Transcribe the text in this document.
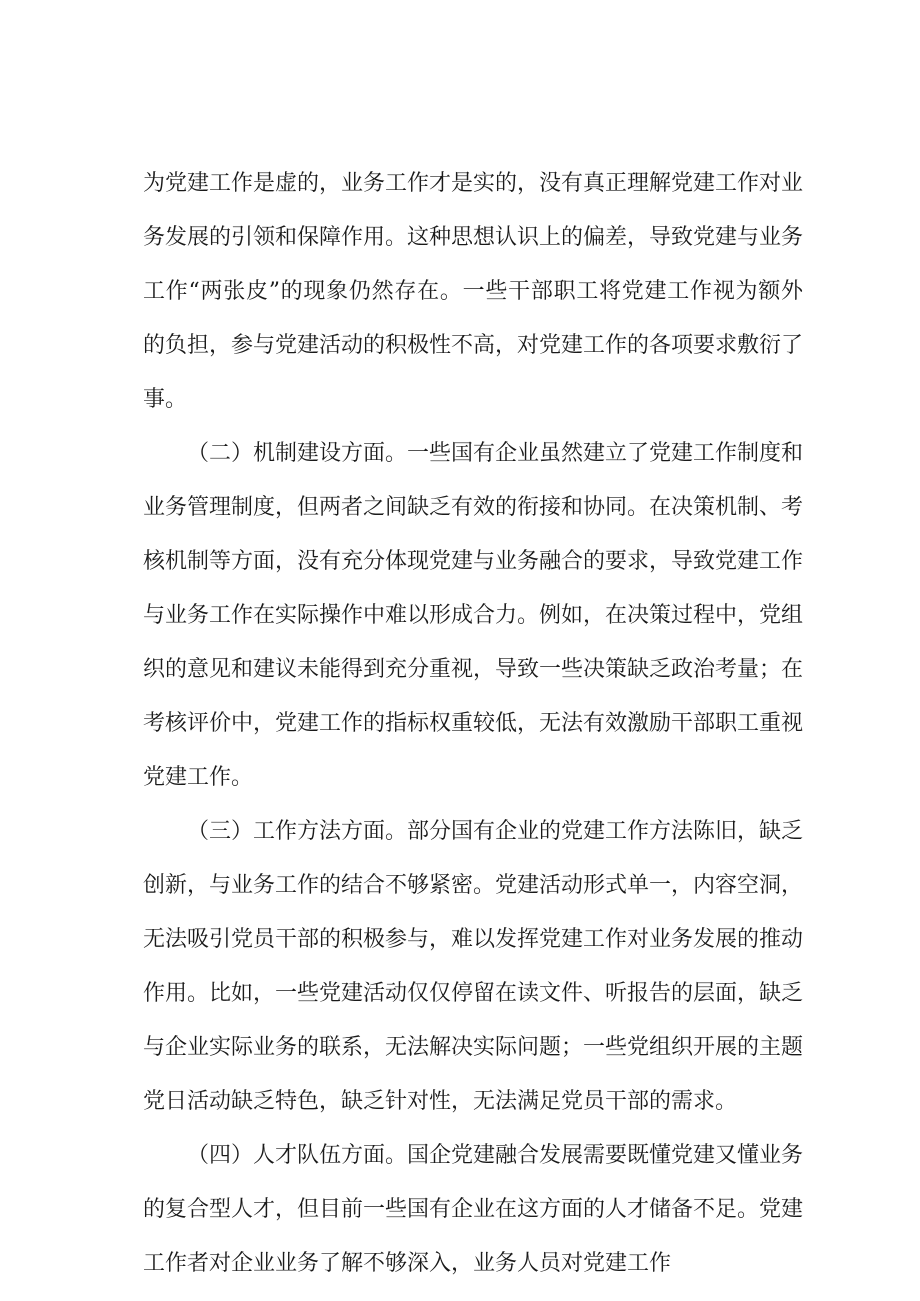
为党建工作是虚的，业务工作才是实的，没有真正理解党建工作对业务发展的引领和保障作用。这种思想认识上的偏差，导致党建与业务工作“两张皮”的现象仍然存在。一些干部职工将党建工作视为额外的负担，参与党建活动的积极性不高，对党建工作的各项要求敷衍了事。

（二）机制建设方面。一些国有企业虽然建立了党建工作制度和业务管理制度，但两者之间缺乏有效的衔接和协同。在决策机制、考核机制等方面，没有充分体现党建与业务融合的要求，导致党建工作与业务工作在实际操作中难以形成合力。例如，在决策过程中，党组织的意见和建议未能得到充分重视，导致一些决策缺乏政治考量；在考核评价中，党建工作的指标权重较低，无法有效激励干部职工重视党建工作。

（三）工作方法方面。部分国有企业的党建工作方法陈旧，缺乏创新，与业务工作的结合不够紧密。党建活动形式单一，内容空洞，无法吸引党员干部的积极参与，难以发挥党建工作对业务发展的推动作用。比如，一些党建活动仅仅停留在读文件、听报告的层面，缺乏与企业实际业务的联系，无法解决实际问题；一些党组织开展的主题党日活动缺乏特色，缺乏针对性，无法满足党员干部的需求。

（四）人才队伍方面。国企党建融合发展需要既懂党建又懂业务的复合型人才，但目前一些国有企业在这方面的人才储备不足。党建工作者对企业业务了解不够深入，业务人员对党建工作
